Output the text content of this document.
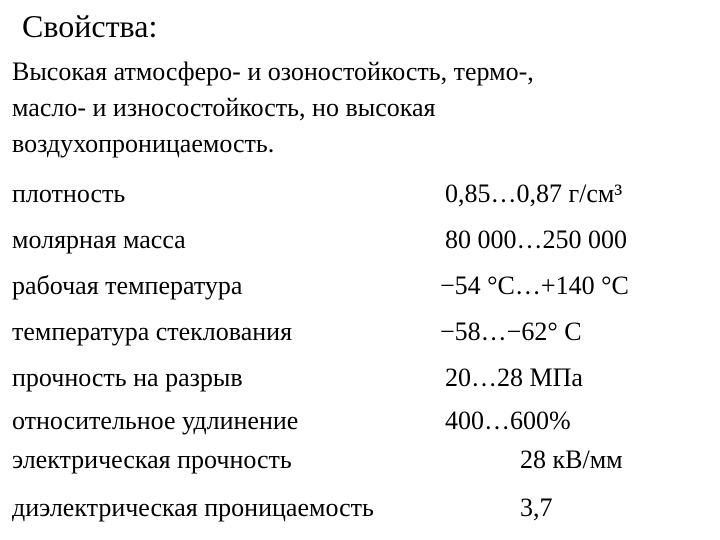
Свойства:
Высокая атмосферо- и озоностойкость, термо-,
масло- и износостойкость, но высокая
воздухопроницаемость.
плотность	0,85…0,87 г/см³
молярная масса	80 000…250 000
рабочая температура	−54 °C…+140 °C
температура стеклования	−58…−62° С
прочность на разрыв	20…28 МПа
относительное удлинение	400…600%
электрическая прочность	28 кВ/мм
диэлектрическая проницаемость	3,7
